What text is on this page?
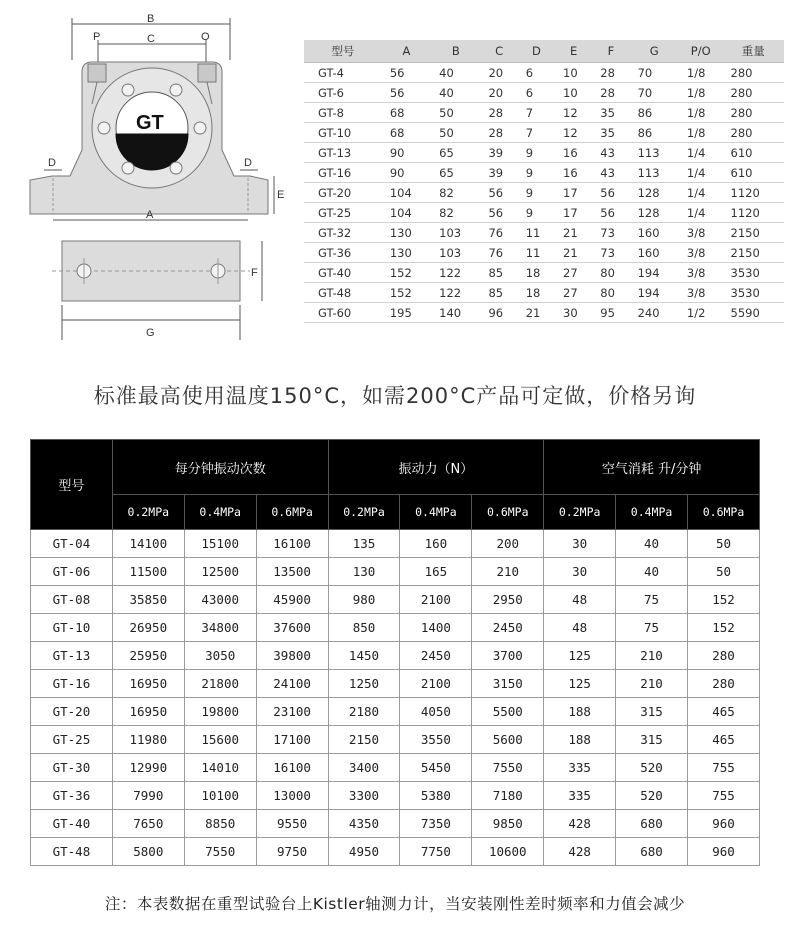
B
P	C	O
GT
D	D
E
A
F
G
型号	A	B	C	D	E	F	G	P/O	重量
GT-4	56	40	20	6	10	28	70	1/8	280
GT-6	56	40	20	6	10	28	70	1/8	280
GT-8	68	50	28	7	12	35	86	1/8	280
GT-10	68	50	28	7	12	35	86	1/8	280
GT-13	90	65	39	9	16	43	113	1/4	610
GT-16	90	65	39	9	16	43	113	1/4	610
GT-20	104	82	56	9	17	56	128	1/4	1120
GT-25	104	82	56	9	17	56	128	1/4	1120
GT-32	130	103	76	11	21	73	160	3/8	2150
GT-36	130	103	76	11	21	73	160	3/8	2150
GT-40	152	122	85	18	27	80	194	3/8	3530
GT-48	152	122	85	18	27	80	194	3/8	3530
GT-60	195	140	96	21	30	95	240	1/2	5590
标准最高使用温度150°C，如需200°C产品可定做，价格另询
型号	每分钟振动次数			振动力（N）			空气消耗 升/分钟		
	0.2MPa	0.4MPa	0.6MPa	0.2MPa	0.4MPa	0.6MPa	0.2MPa	0.4MPa	0.6MPa
GT-04	14100	15100	16100	135	160	200	30	40	50
GT-06	11500	12500	13500	130	165	210	30	40	50
GT-08	35850	43000	45900	980	2100	2950	48	75	152
GT-10	26950	34800	37600	850	1400	2450	48	75	152
GT-13	25950	3050	39800	1450	2450	3700	125	210	280
GT-16	16950	21800	24100	1250	2100	3150	125	210	280
GT-20	16950	19800	23100	2180	4050	5500	188	315	465
GT-25	11980	15600	17100	2150	3550	5600	188	315	465
GT-30	12990	14010	16100	3400	5450	7550	335	520	755
GT-36	7990	10100	13000	3300	5380	7180	335	520	755
GT-40	7650	8850	9550	4350	7350	9850	428	680	960
GT-48	5800	7550	9750	4950	7750	10600	428	680	960
注：本表数据在重型试验台上Kistler轴测力计，当安装刚性差时频率和力值会减少
